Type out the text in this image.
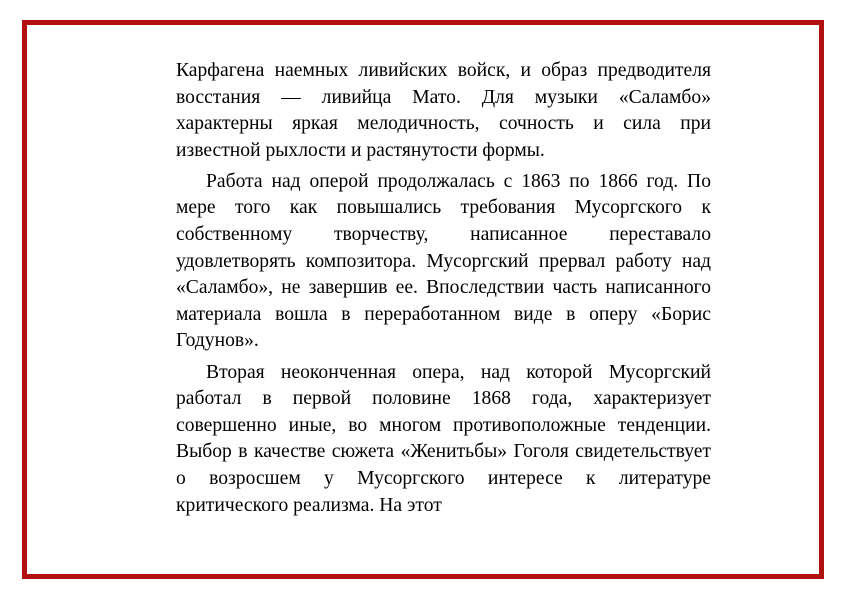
Карфагена наемных ливийских войск, и образ предводителя восстания — ливийца Мато. Для музыки «Саламбо» характерны яркая мелодичность, сочность и сила при известной рыхлости и растянутости формы.

Работа над оперой продолжалась с 1863 по 1866 год. По мере того как повышались требования Мусоргского к собственному творчеству, написанное переставало удовлетворять композитора. Мусоргский прервал работу над «Саламбо», не завершив ее. Впоследствии часть написанного материала вошла в переработанном виде в оперу «Борис Годунов».

Вторая неоконченная опера, над которой Мусоргский работал в первой половине 1868 года, характеризует совершенно иные, во многом противоположные тенденции. Выбор в качестве сюжета «Женитьбы» Гоголя свидетельствует о возросшем у Мусоргского интересе к литературе критического реализма. На этот
